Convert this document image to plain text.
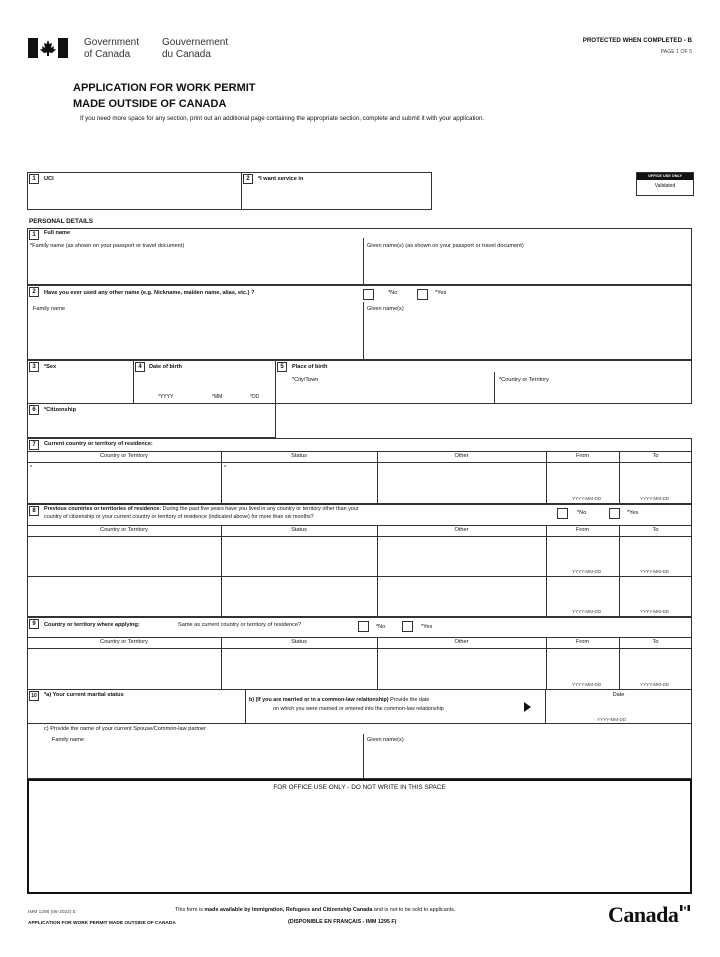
Government
of Canada
Gouvernement
du Canada
PROTECTED WHEN COMPLETED - B
PAGE 1 OF 5
APPLICATION FOR WORK PERMIT
MADE OUTSIDE OF CANADA
If you need more space for any section, print out an additional page containing the appropriate section, complete and submit it with your application.
OFFICE USE ONLY
Validated
1	UCI	2	*I want service in
PERSONAL DETAILS
1	Full name
*Family name (as shown on your passport or travel document)	Given name(s) (as shown on your passport or travel document)
2	Have you ever used any other name (e.g. Nickname, maiden name, alias, etc.) ?	*No	*Yes
Family name	Given name(s)
3	*Sex	4	Date of birth
*YYYY	*MM	*DD
5	Place of birth
*City/Town	*Country or Territory
6	*Citizenship
7	Current country or territory of residence:
Country or Territory	Status	Other	From	To
*	*
YYYY-MM-DD	YYYY-MM-DD
8	Previous countries or territories of residence: During the past five years have you lived in any country or territory other than your
country of citizenship or your current country or territory of residence (indicated above) for more than six months?
*No	*Yes
Country or Territory	Status	Other	From	To
YYYY-MM-DD	YYYY-MM-DD
YYYY-MM-DD	YYYY-MM-DD
9	Country or territory where applying:	Same as current country or territory of residence?	*No	*Yes
Country or Territory	Status	Other	From	To
YYYY-MM-DD	YYYY-MM-DD
10	*a) Your current marital status
b) (If you are married or in a common-law relationship) Provide the date
on which you were married or entered into the common-law relationship
Date
YYYY-MM-DD
c) Provide the name of your current Spouse/Common-law partner
Family name	Given name(s)
FOR OFFICE USE ONLY - DO NOT WRITE IN THIS SPACE
IMM 1295 (06-2022) E
APPLICATION FOR WORK PERMIT MADE OUTSIDE OF CANADA
This form is made available by Immigration, Refugees and Citizenship Canada and is not to be sold to applicants.
(DISPONIBLE EN FRANÇAIS - IMM 1295 F)	Canada
